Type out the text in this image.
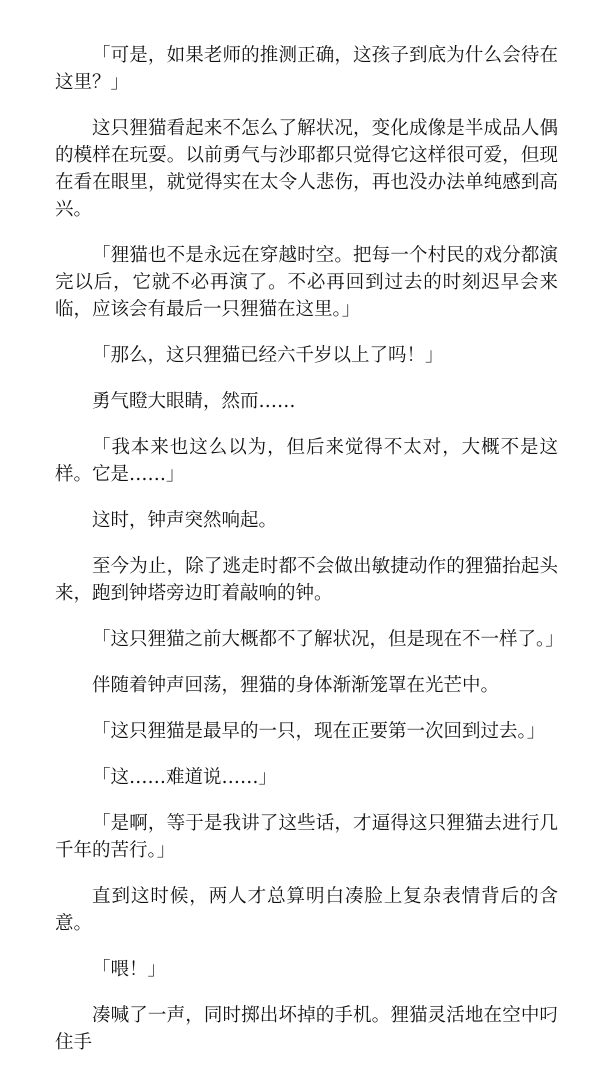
「可是，如果老师的推测正确，这孩子到底为什么会待在这里？」

这只狸猫看起来不怎么了解状况，变化成像是半成品人偶的模样在玩耍。以前勇气与沙耶都只觉得它这样很可爱，但现在看在眼里，就觉得实在太令人悲伤，再也没办法单纯感到高兴。

「狸猫也不是永远在穿越时空。把每一个村民的戏分都演完以后，它就不必再演了。不必再回到过去的时刻迟早会来临，应该会有最后一只狸猫在这里。」

「那么，这只狸猫已经六千岁以上了吗！」

勇气瞪大眼睛，然而……

「我本来也这么以为，但后来觉得不太对，大概不是这样。它是……」

这时，钟声突然响起。

至今为止，除了逃走时都不会做出敏捷动作的狸猫抬起头来，跑到钟塔旁边盯着敲响的钟。

「这只狸猫之前大概都不了解状况，但是现在不一样了。」

伴随着钟声回荡，狸猫的身体渐渐笼罩在光芒中。

「这只狸猫是最早的一只，现在正要第一次回到过去。」

「这……难道说……」

「是啊，等于是我讲了这些话，才逼得这只狸猫去进行几千年的苦行。」

直到这时候，两人才总算明白凑脸上复杂表情背后的含意。

「喂！」

凑喊了一声，同时掷出坏掉的手机。狸猫灵活地在空中叼住手
